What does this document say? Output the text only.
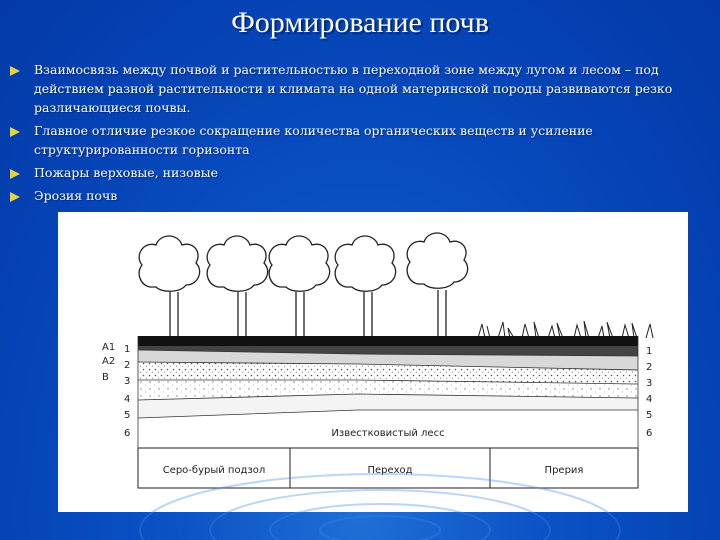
Формирование почв
Взаимосвязь между почвой и растительностью в переходной зоне между лугом и лесом – под действием разной растительности и климата на одной материнской породы развиваются резко различающиеся почвы.
Главное отличие резкое сокращение количества органических веществ и усиление структурированности горизонта
Пожары верховые, низовые
Эрозия почв
A1
A2
B
1
2
3
4
5
6
1
2
3
4
5
6
Известковистый лесс
Серо-бурый подзол	Переход	Прерия
